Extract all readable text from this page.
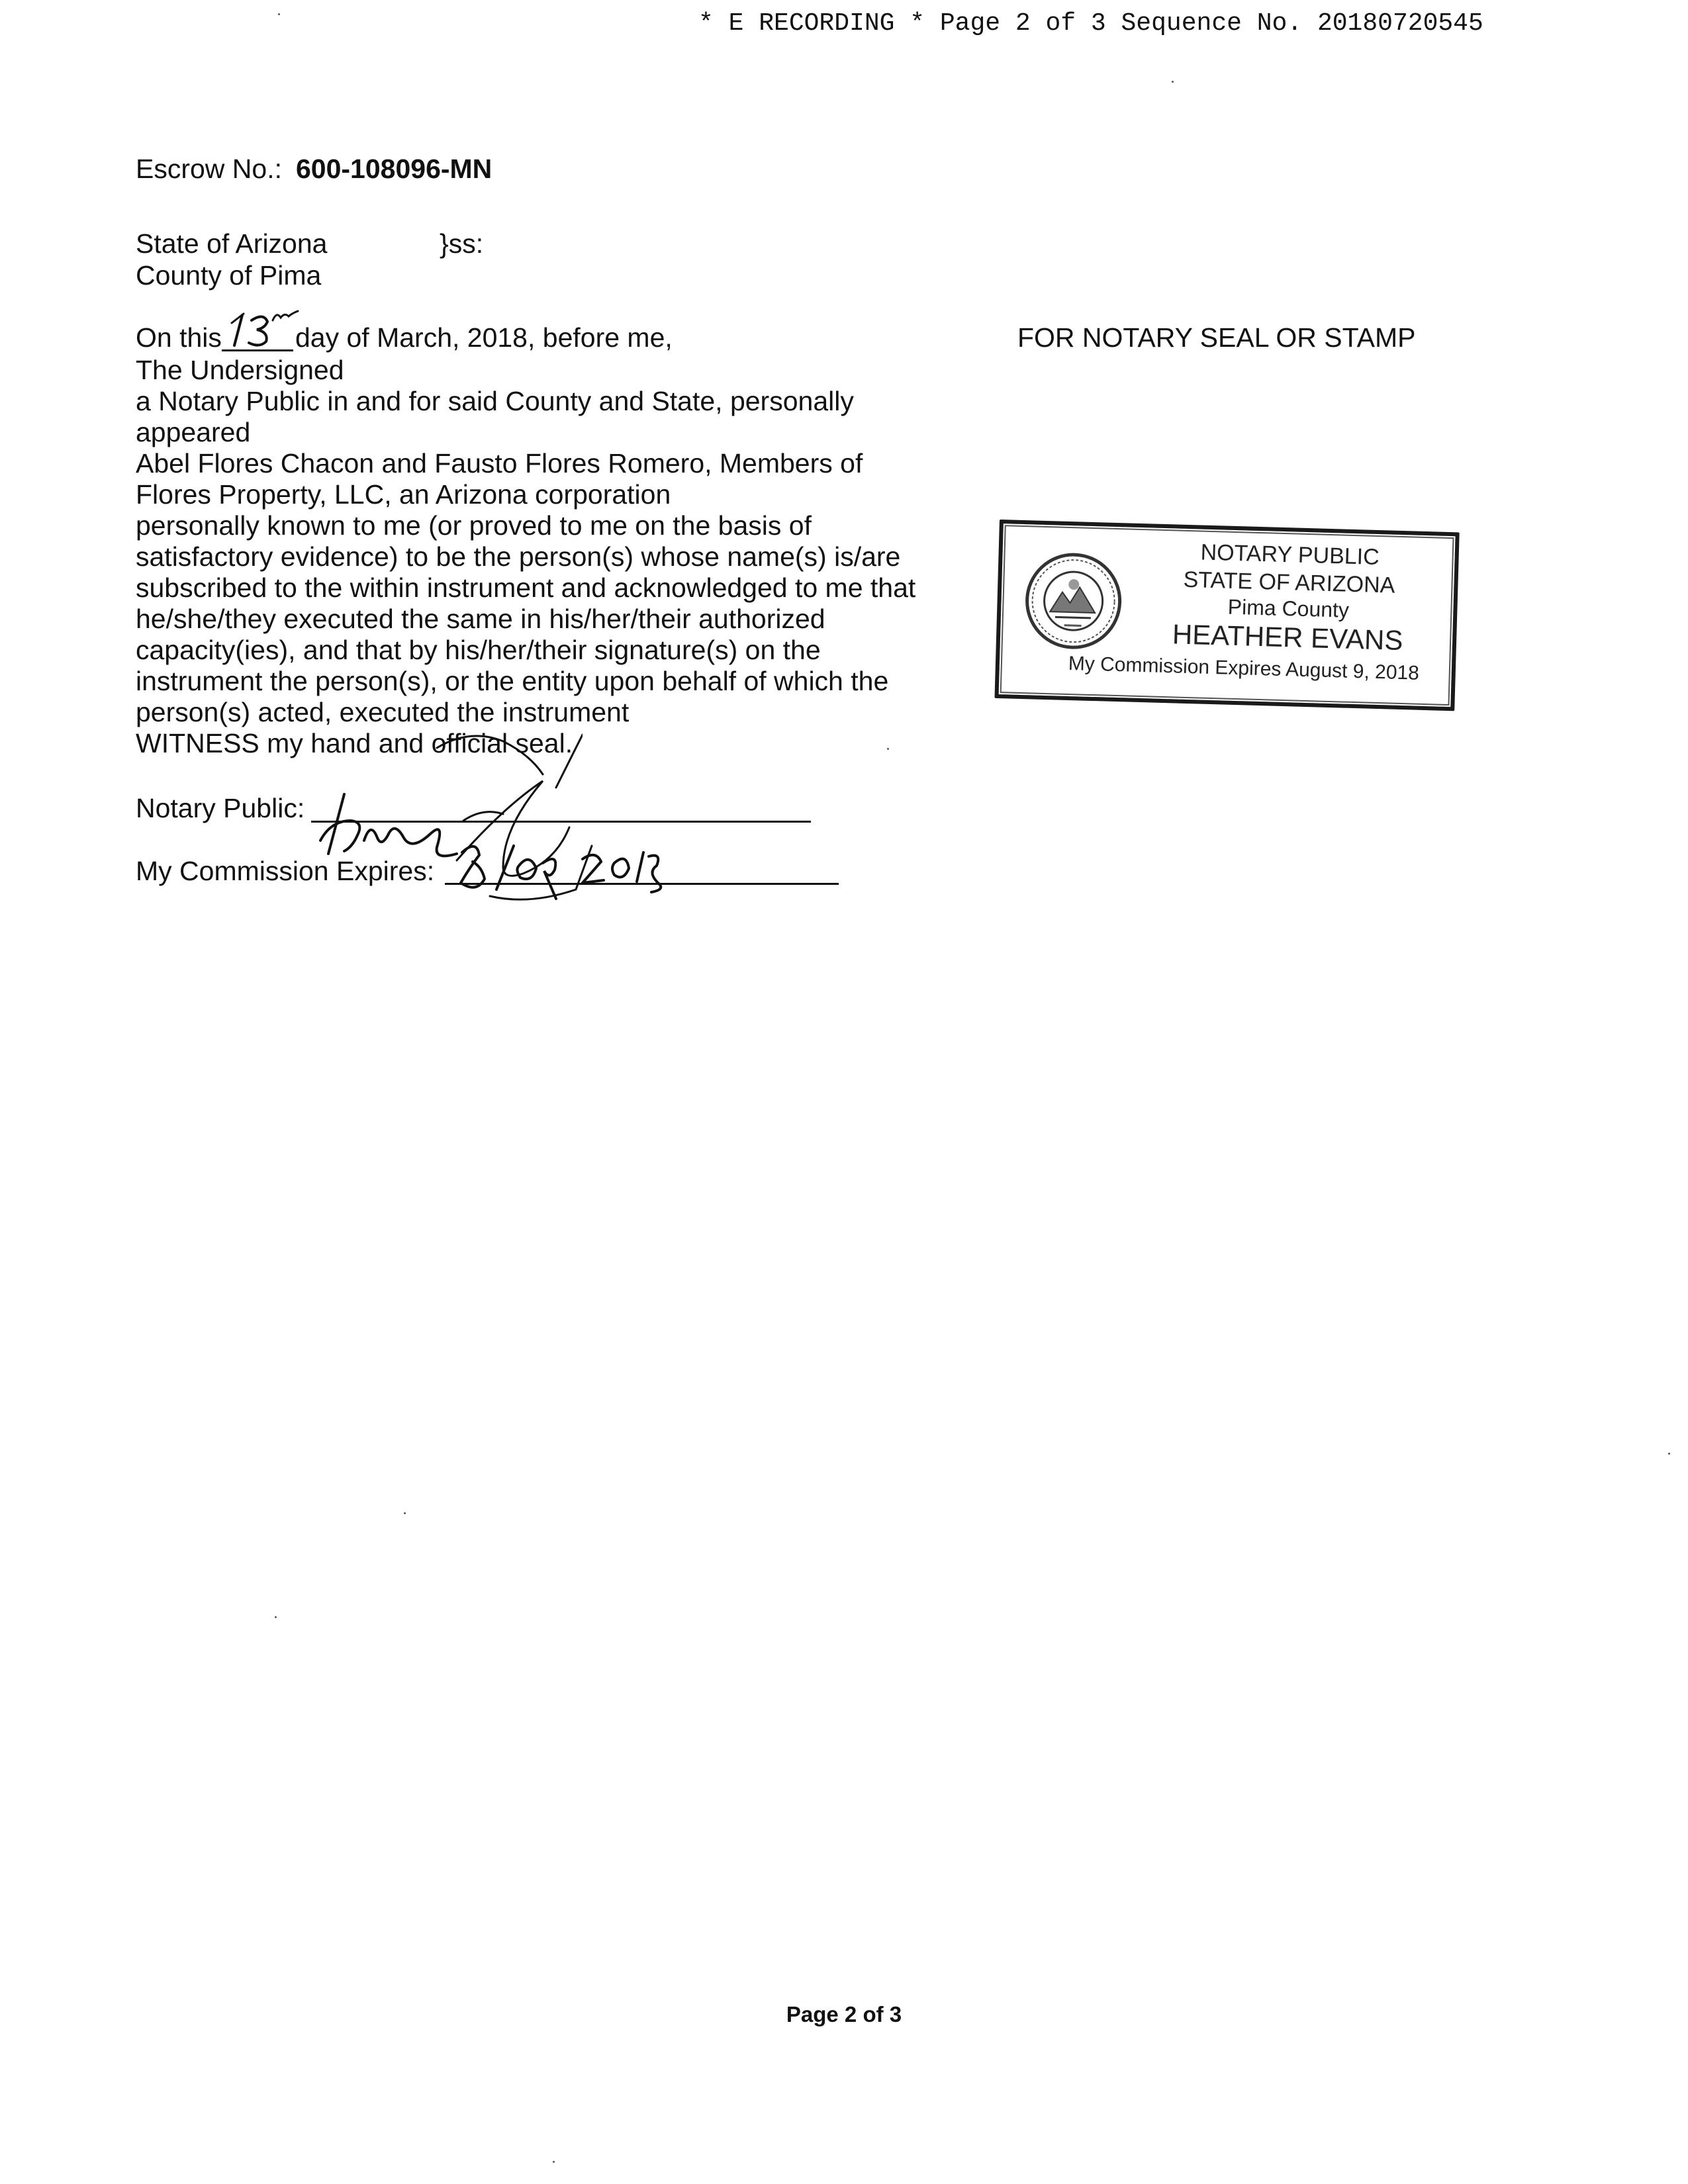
* E RECORDING * Page 2 of 3 Sequence No. 20180720545
Escrow No.: 600-108096-MN
State of Arizona	}ss:
County of Pima
On this	day of March, 2018, before me,
The Undersigned
a Notary Public in and for said County and State, personally
appeared
Abel Flores Chacon and Fausto Flores Romero, Members of
Flores Property, LLC, an Arizona corporation
personally known to me (or proved to me on the basis of
satisfactory evidence) to be the person(s) whose name(s) is/are
subscribed to the within instrument and acknowledged to me that
he/she/they executed the same in his/her/their authorized
capacity(ies), and that by his/her/their signature(s) on the
instrument the person(s), or the entity upon behalf of which the
person(s) acted, executed the instrument
WITNESS my hand and official seal.
Notary Public:
My Commission Expires:
FOR NOTARY SEAL OR STAMP
NOTARY PUBLIC
STATE OF ARIZONA
Pima County
HEATHER EVANS
My Commission Expires August 9, 2018
Page 2 of 3
